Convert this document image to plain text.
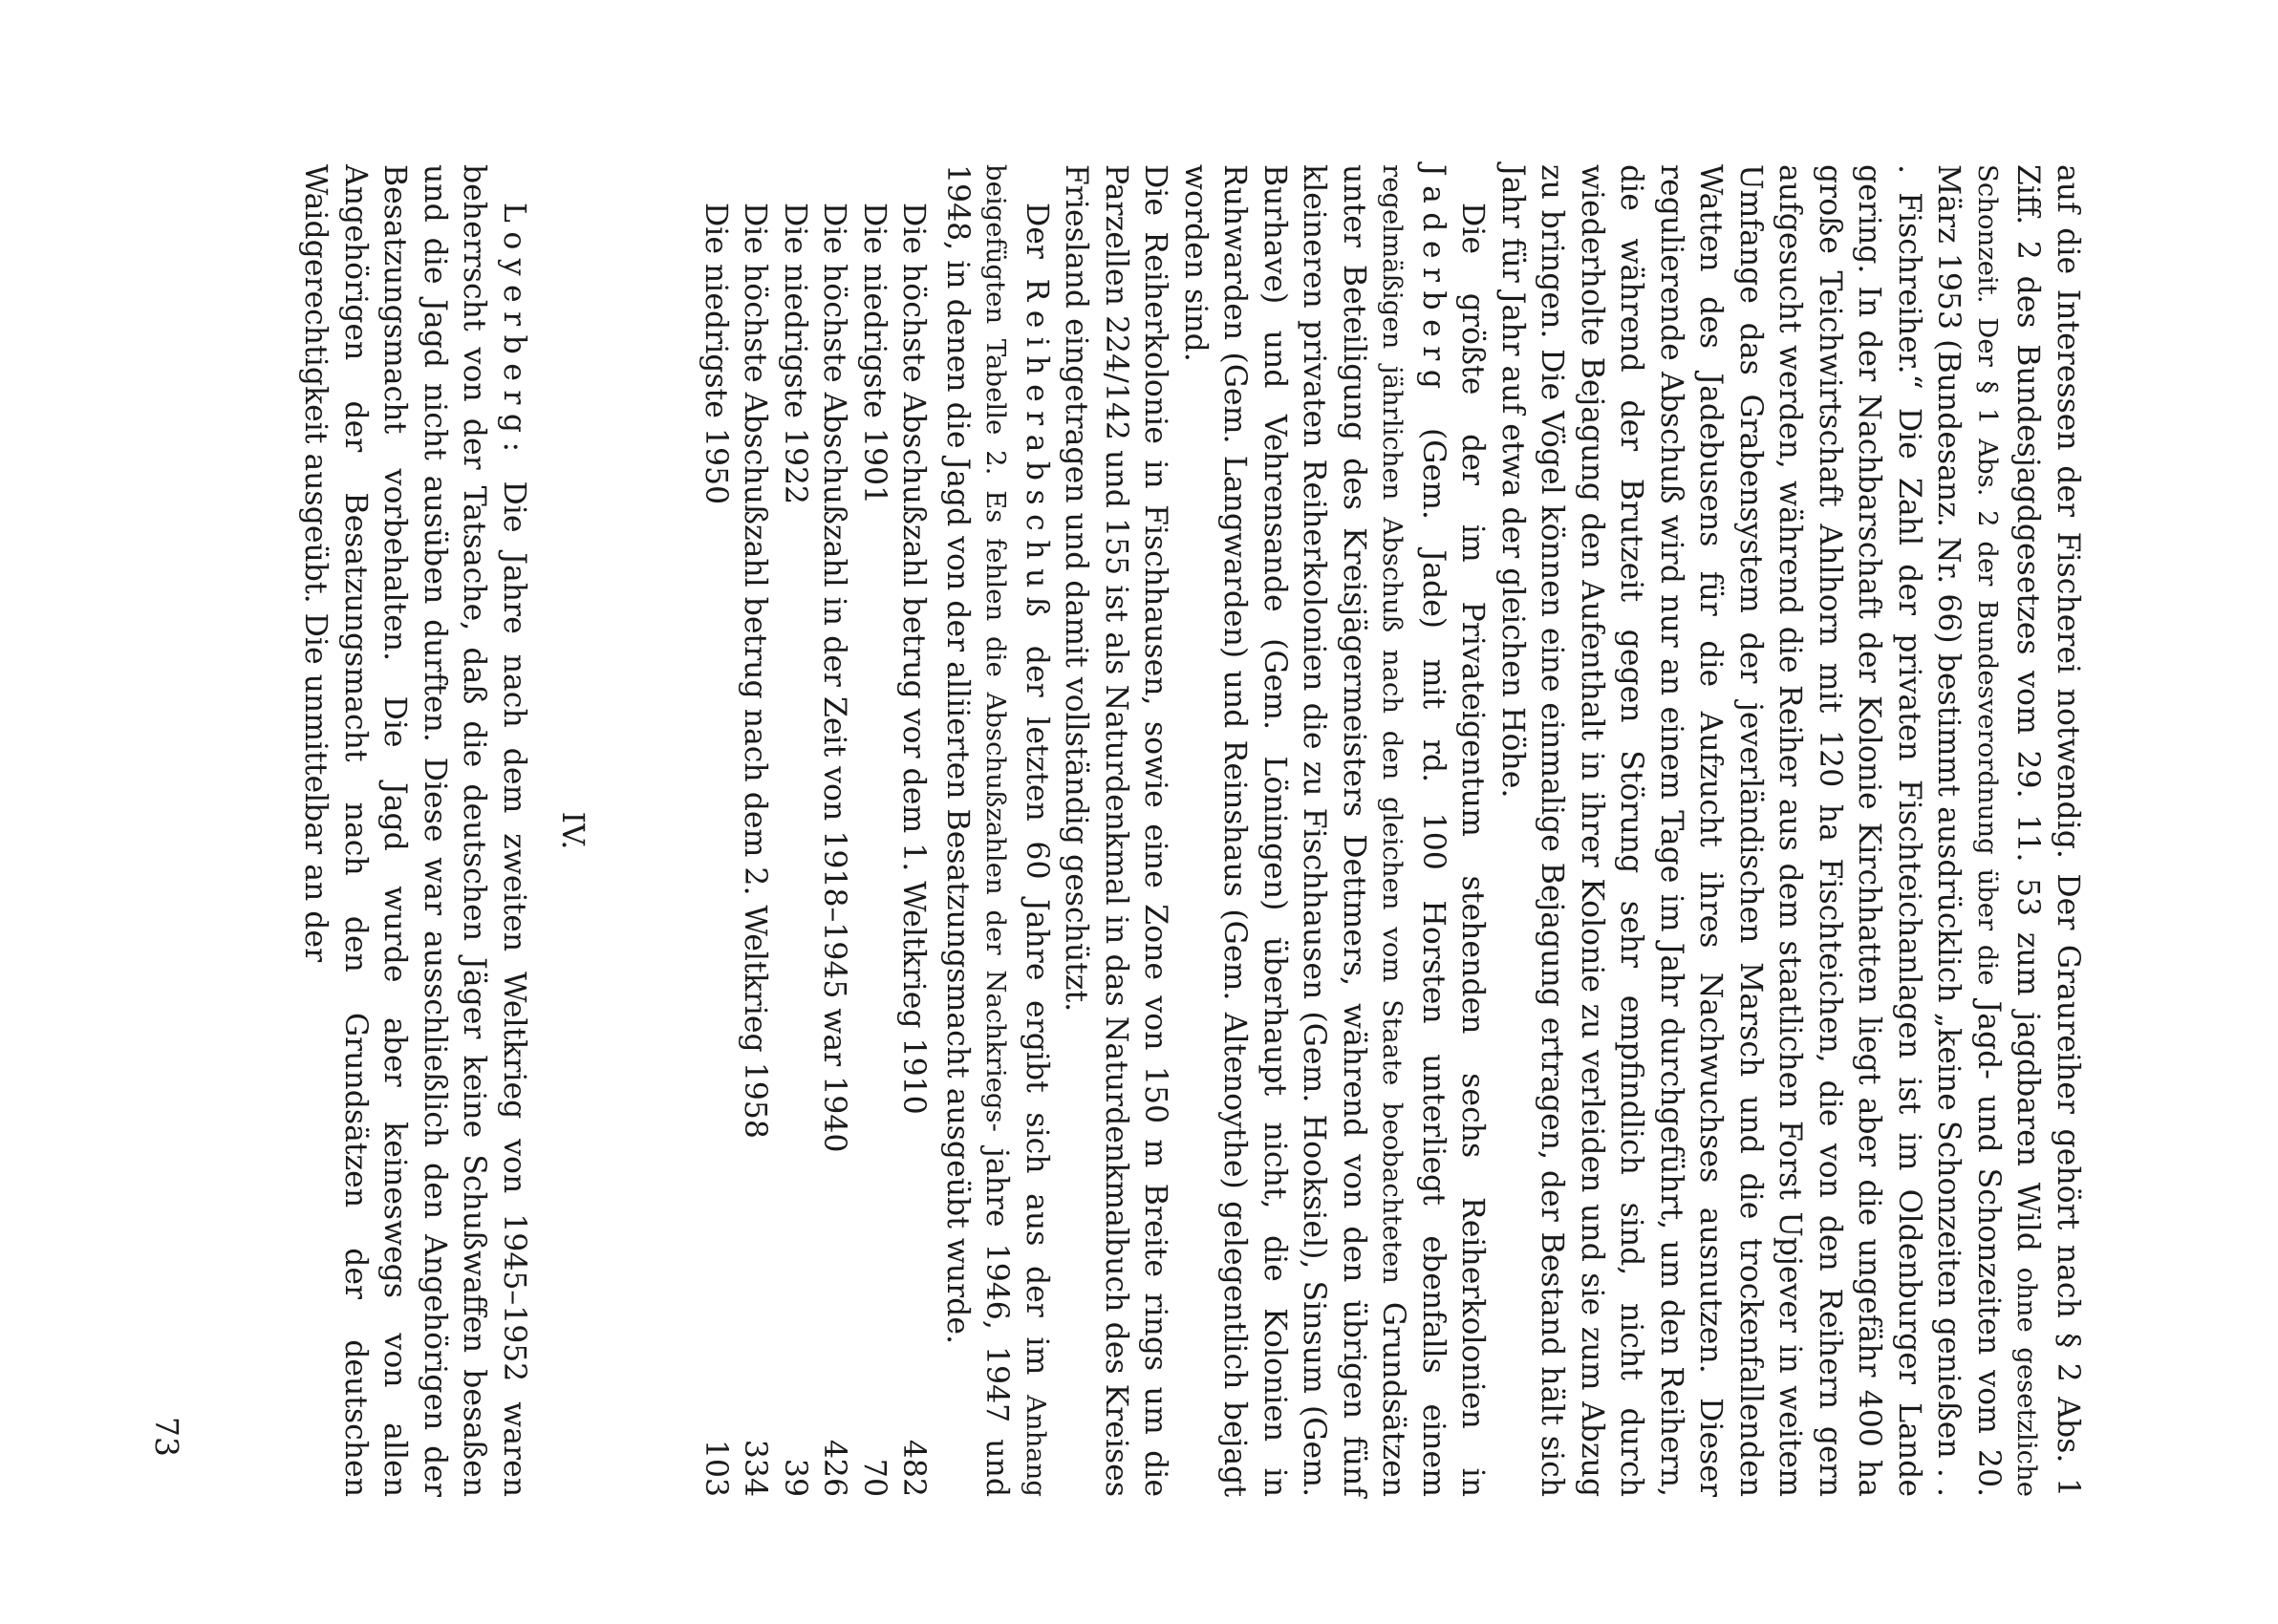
auf die Interessen der Fischerei notwendig. Der Graureiher gehört nach § 2 Abs. 1 Ziff. 2 des Bundesjagdgesetzes vom 29. 11. 53 zum jagdbaren Wild ohne gesetzliche Schonzeit. Der § 1 Abs. 2 der Bundesverordnung über die Jagd- und Schonzeiten vom 20. März 1953 (Bundesanz. Nr. 66) bestimmt ausdrücklich „keine Schonzeiten genießen . . . Fischreiher.“ Die Zahl der privaten Fischteichanlagen ist im Oldenburger Lande gering. In der Nachbarschaft der Kolonie Kirchhatten liegt aber die ungefähr 400 ha große Teichwirtschaft Ahlhorn mit 120 ha Fischteichen, die von den Reihern gern aufgesucht werden, während die Reiher aus dem staatlichen Forst Upjever in weitem Umfange das Grabensystem der jeverländischen Marsch und die trockenfallenden Watten des Jadebusens für die Aufzucht ihres Nachwuchses ausnutzen. Dieser regulierende Abschuß wird nur an einem Tage im Jahr durchgeführt, um den Reihern, die während der Brutzeit gegen Störung sehr empfindlich sind, nicht durch wiederholte Bejagung den Aufenthalt in ihrer Kolonie zu verleiden und sie zum Abzug zu bringen. Die Vögel können eine einmalige Bejagung ertragen, der Bestand hält sich Jahr für Jahr auf etwa der gleichen Höhe.

Die größte der im Privateigentum stehenden sechs Reiherkolonien in Jaderberg (Gem. Jade) mit rd. 100 Horsten unterliegt ebenfalls einem regelmäßigen jährlichen Abschuß nach den gleichen vom Staate beobachteten Grundsätzen unter Beteiligung des Kreisjägermeisters Dettmers, während von den übrigen fünf kleineren privaten Reiherkolonien die zu Fischhausen (Gem. Hooksiel), Sinsum (Gem. Burhave) und Vehrensande (Gem. Löningen) überhaupt nicht, die Kolonien in Ruhwarden (Gem. Langwarden) und Reinshaus (Gem. Altenoythe) gelegentlich bejagt worden sind.

Die Reiherkolonie in Fischhausen, sowie eine Zone von 150 m Breite rings um die Parzellen 224/142 und 155 ist als Naturdenkmal in das Naturdenkmalbuch des Kreises Friesland eingetragen und damit vollständig geschützt.

Der Reiherabschuß der letzten 60 Jahre ergibt sich aus der im Anhang beigefügten Tabelle 2. Es fehlen die Abschußzahlen der Nachkriegs- jahre 1946, 1947 und 1948, in denen die Jagd von der alliierten Besatzungsmacht ausgeübt wurde.

Die höchste Abschußzahl betrug vor dem 1. Weltkrieg 1910
482
Die niedrigste 1901
70
Die höchste Abschußzahl in der Zeit von 1918–1945 war 1940
426
Die niedrigste 1922
39
Die höchste Abschußzahl betrug nach dem 2. Weltkrieg 1958
334
Die niedrigste 1950
103
IV.

Loyerberg: Die Jahre nach dem zweiten Weltkrieg von 1945–1952 waren beherrscht von der Tatsache, daß die deutschen Jäger keine Schußwaffen besaßen und die Jagd nicht ausüben durften. Diese war ausschließlich den Angehörigen der Besatzungsmacht vorbehalten. Die Jagd wurde aber keineswegs von allen Angehörigen der Besatzungsmacht nach den Grundsätzen der deutschen Waidgerechtigkeit ausgeübt. Die unmittelbar an der

73
